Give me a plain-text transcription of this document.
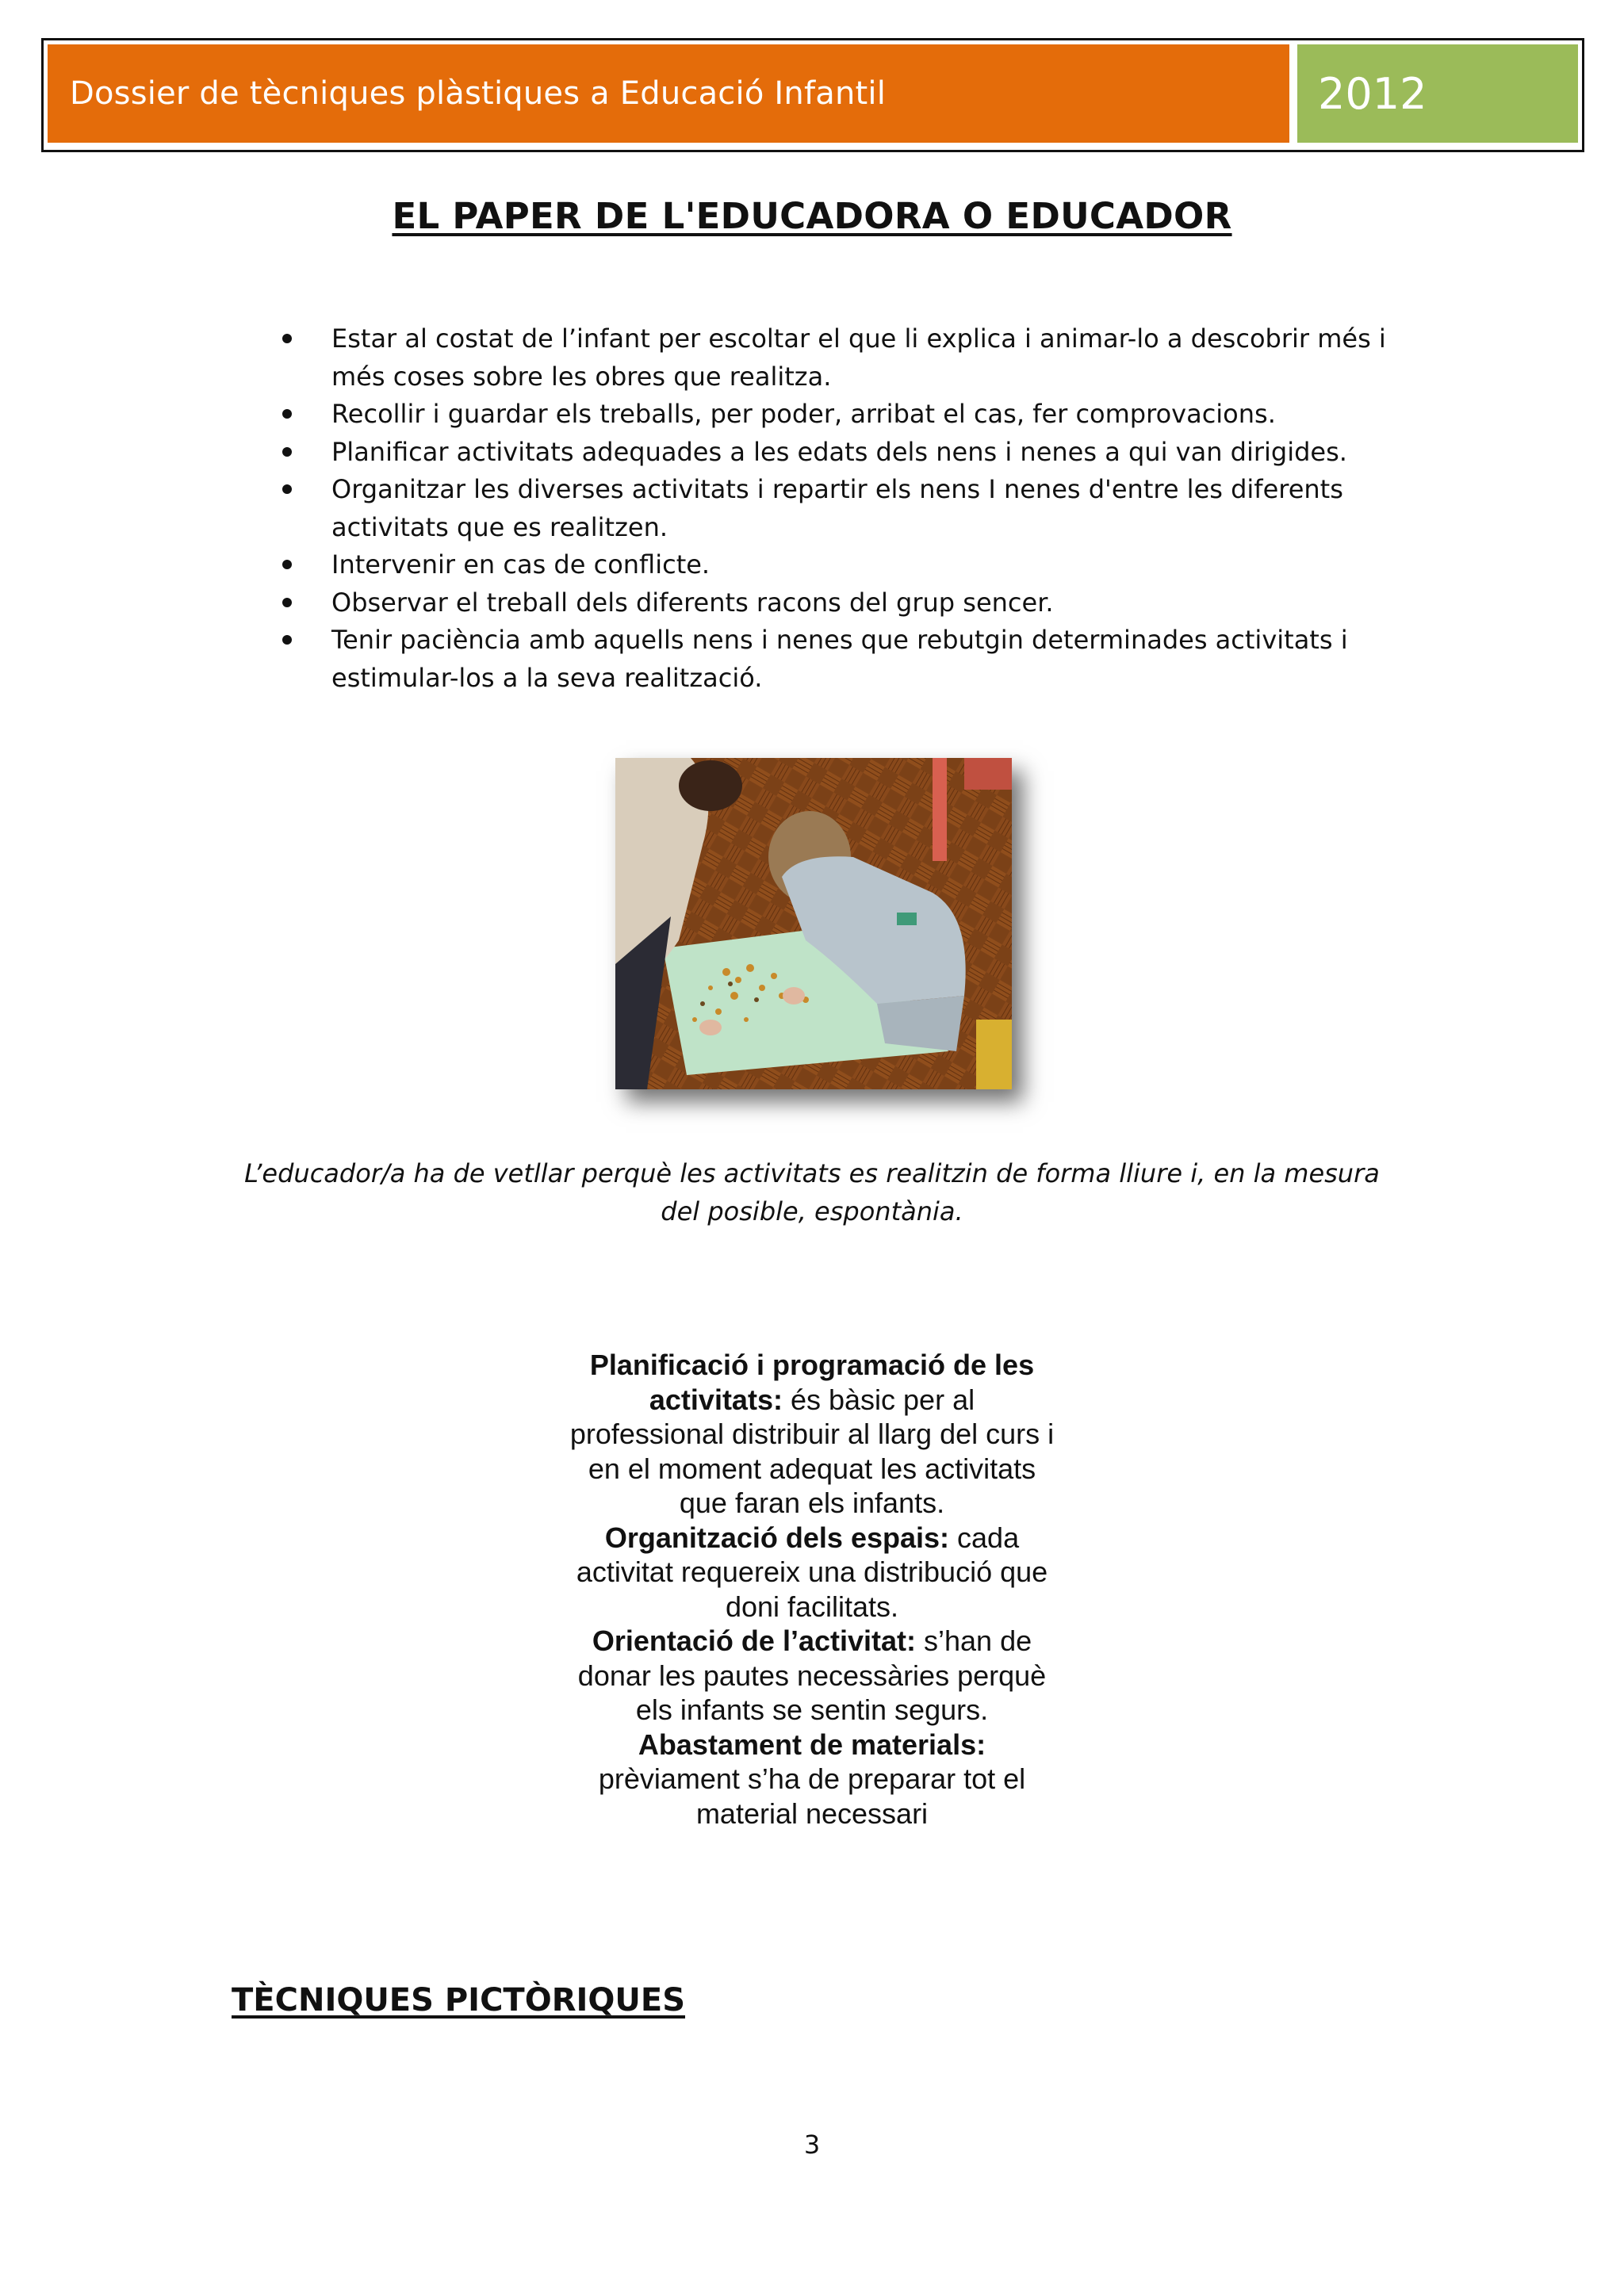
Dossier de tècniques plàstiques a Educació Infantil	2012
EL PAPER DE L'EDUCADORA O EDUCADOR
Estar al costat de l’infant per escoltar el que li explica i animar-lo a descobrir més i més coses sobre les obres que realitza.
Recollir i guardar els treballs, per poder, arribat el cas, fer comprovacions.
Planificar activitats adequades a les edats dels nens i nenes a qui van dirigides.
Organitzar les diverses activitats i repartir els nens I nenes d'entre les diferents activitats que es realitzen.
Intervenir en cas de conflicte.
Observar el treball dels diferents racons del grup sencer.
Tenir paciència amb aquells nens i nenes que rebutgin determinades activitats i estimular-los a la seva realització.
L’educador/a ha de vetllar perquè les activitats es realitzin de forma lliure i, en la mesura del posible, espontània.
Planificació i programació de les activitats: és bàsic per al professional distribuir al llarg del curs i en el moment adequat les activitats que faran els infants.
Organització dels espais: cada activitat requereix una distribució que doni facilitats.
Orientació de l’activitat: s’han de donar les pautes necessàries perquè els infants se sentin segurs.
Abastament de materials: prèviament s’ha de preparar tot el material necessari
TÈCNIQUES PICTÒRIQUES
3
